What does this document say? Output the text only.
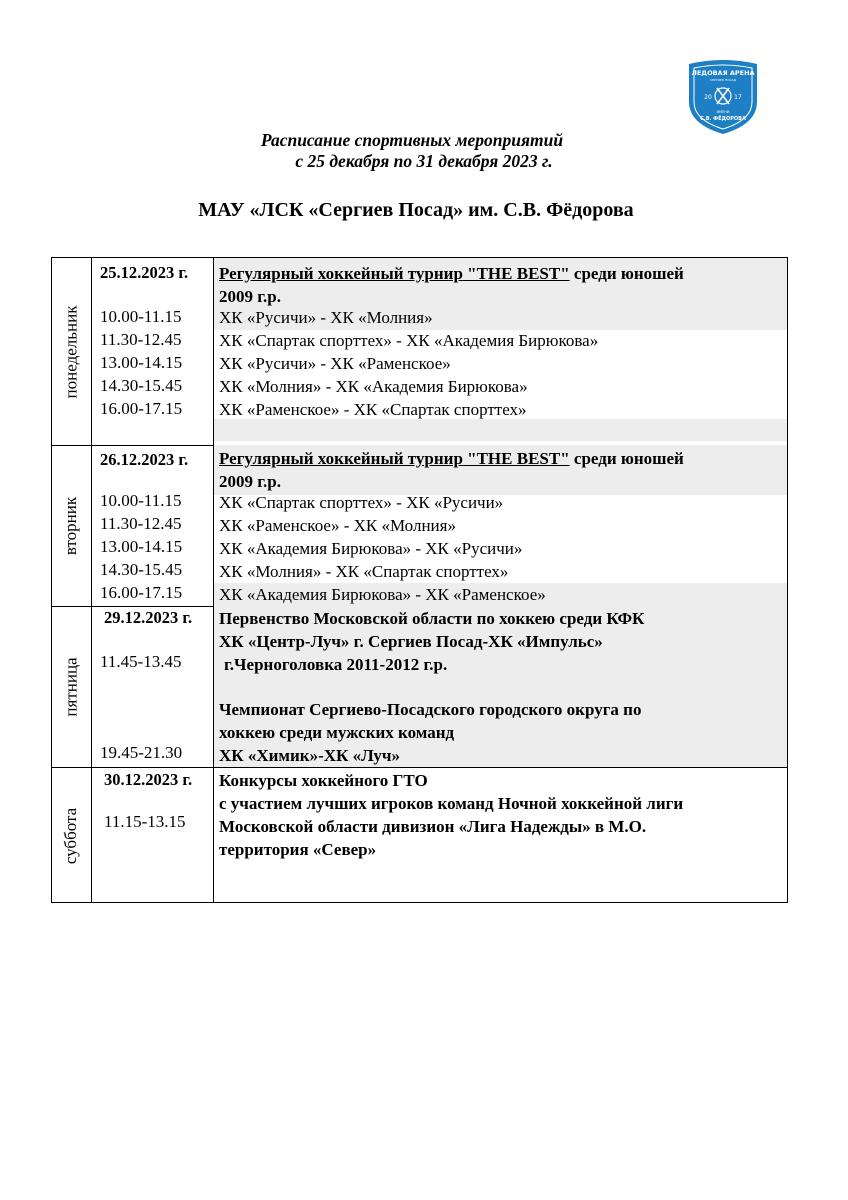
ЛЕДОВАЯ АРЕНА
СЕРГИЕВ ПОСАД
20	17
ИМЕНИ
С.В. ФЁДОРОВА
Расписание спортивных мероприятий
с 25 декабря по 31 декабря 2023 г.
МАУ «ЛСК «Сергиев Посад» им. С.В. Фёдорова
понедельник
25.12.2023 г.
10.00-11.15
11.30-12.45
13.00-14.15
14.30-15.45
16.00-17.15
Регулярный хоккейный турнир "THE BEST" среди юношей
2009 г.р.
ХК «Русичи» - ХК «Молния»
ХК «Спартак спорттех» - ХК «Академия Бирюкова»
ХК «Русичи» - ХК «Раменское»
ХК «Молния» - ХК «Академия Бирюкова»
ХК «Раменское» - ХК «Спартак спорттех»
вторник
26.12.2023 г.
10.00-11.15
11.30-12.45
13.00-14.15
14.30-15.45
16.00-17.15
Регулярный хоккейный турнир "THE BEST" среди юношей
2009 г.р.
ХК «Спартак спорттех» - ХК «Русичи»
ХК «Раменское» - ХК «Молния»
ХК «Академия Бирюкова» - ХК «Русичи»
ХК «Молния» - ХК «Спартак спорттех»
ХК «Академия Бирюкова» - ХК «Раменское»
пятница
29.12.2023 г.
11.45-13.45
19.45-21.30
Первенство Московской области по хоккею среди КФК
ХК «Центр-Луч» г. Сергиев Посад-ХК «Импульс»
г.Черноголовка 2011-2012 г.р.
Чемпионат Сергиево-Посадского городского округа по
хоккею среди мужских команд
ХК «Химик»-ХК «Луч»
суббота
30.12.2023 г.
11.15-13.15
Конкурсы хоккейного ГТО
с участием лучших игроков команд Ночной хоккейной лиги
Московской области дивизион «Лига Надежды» в М.О.
территория «Север»
